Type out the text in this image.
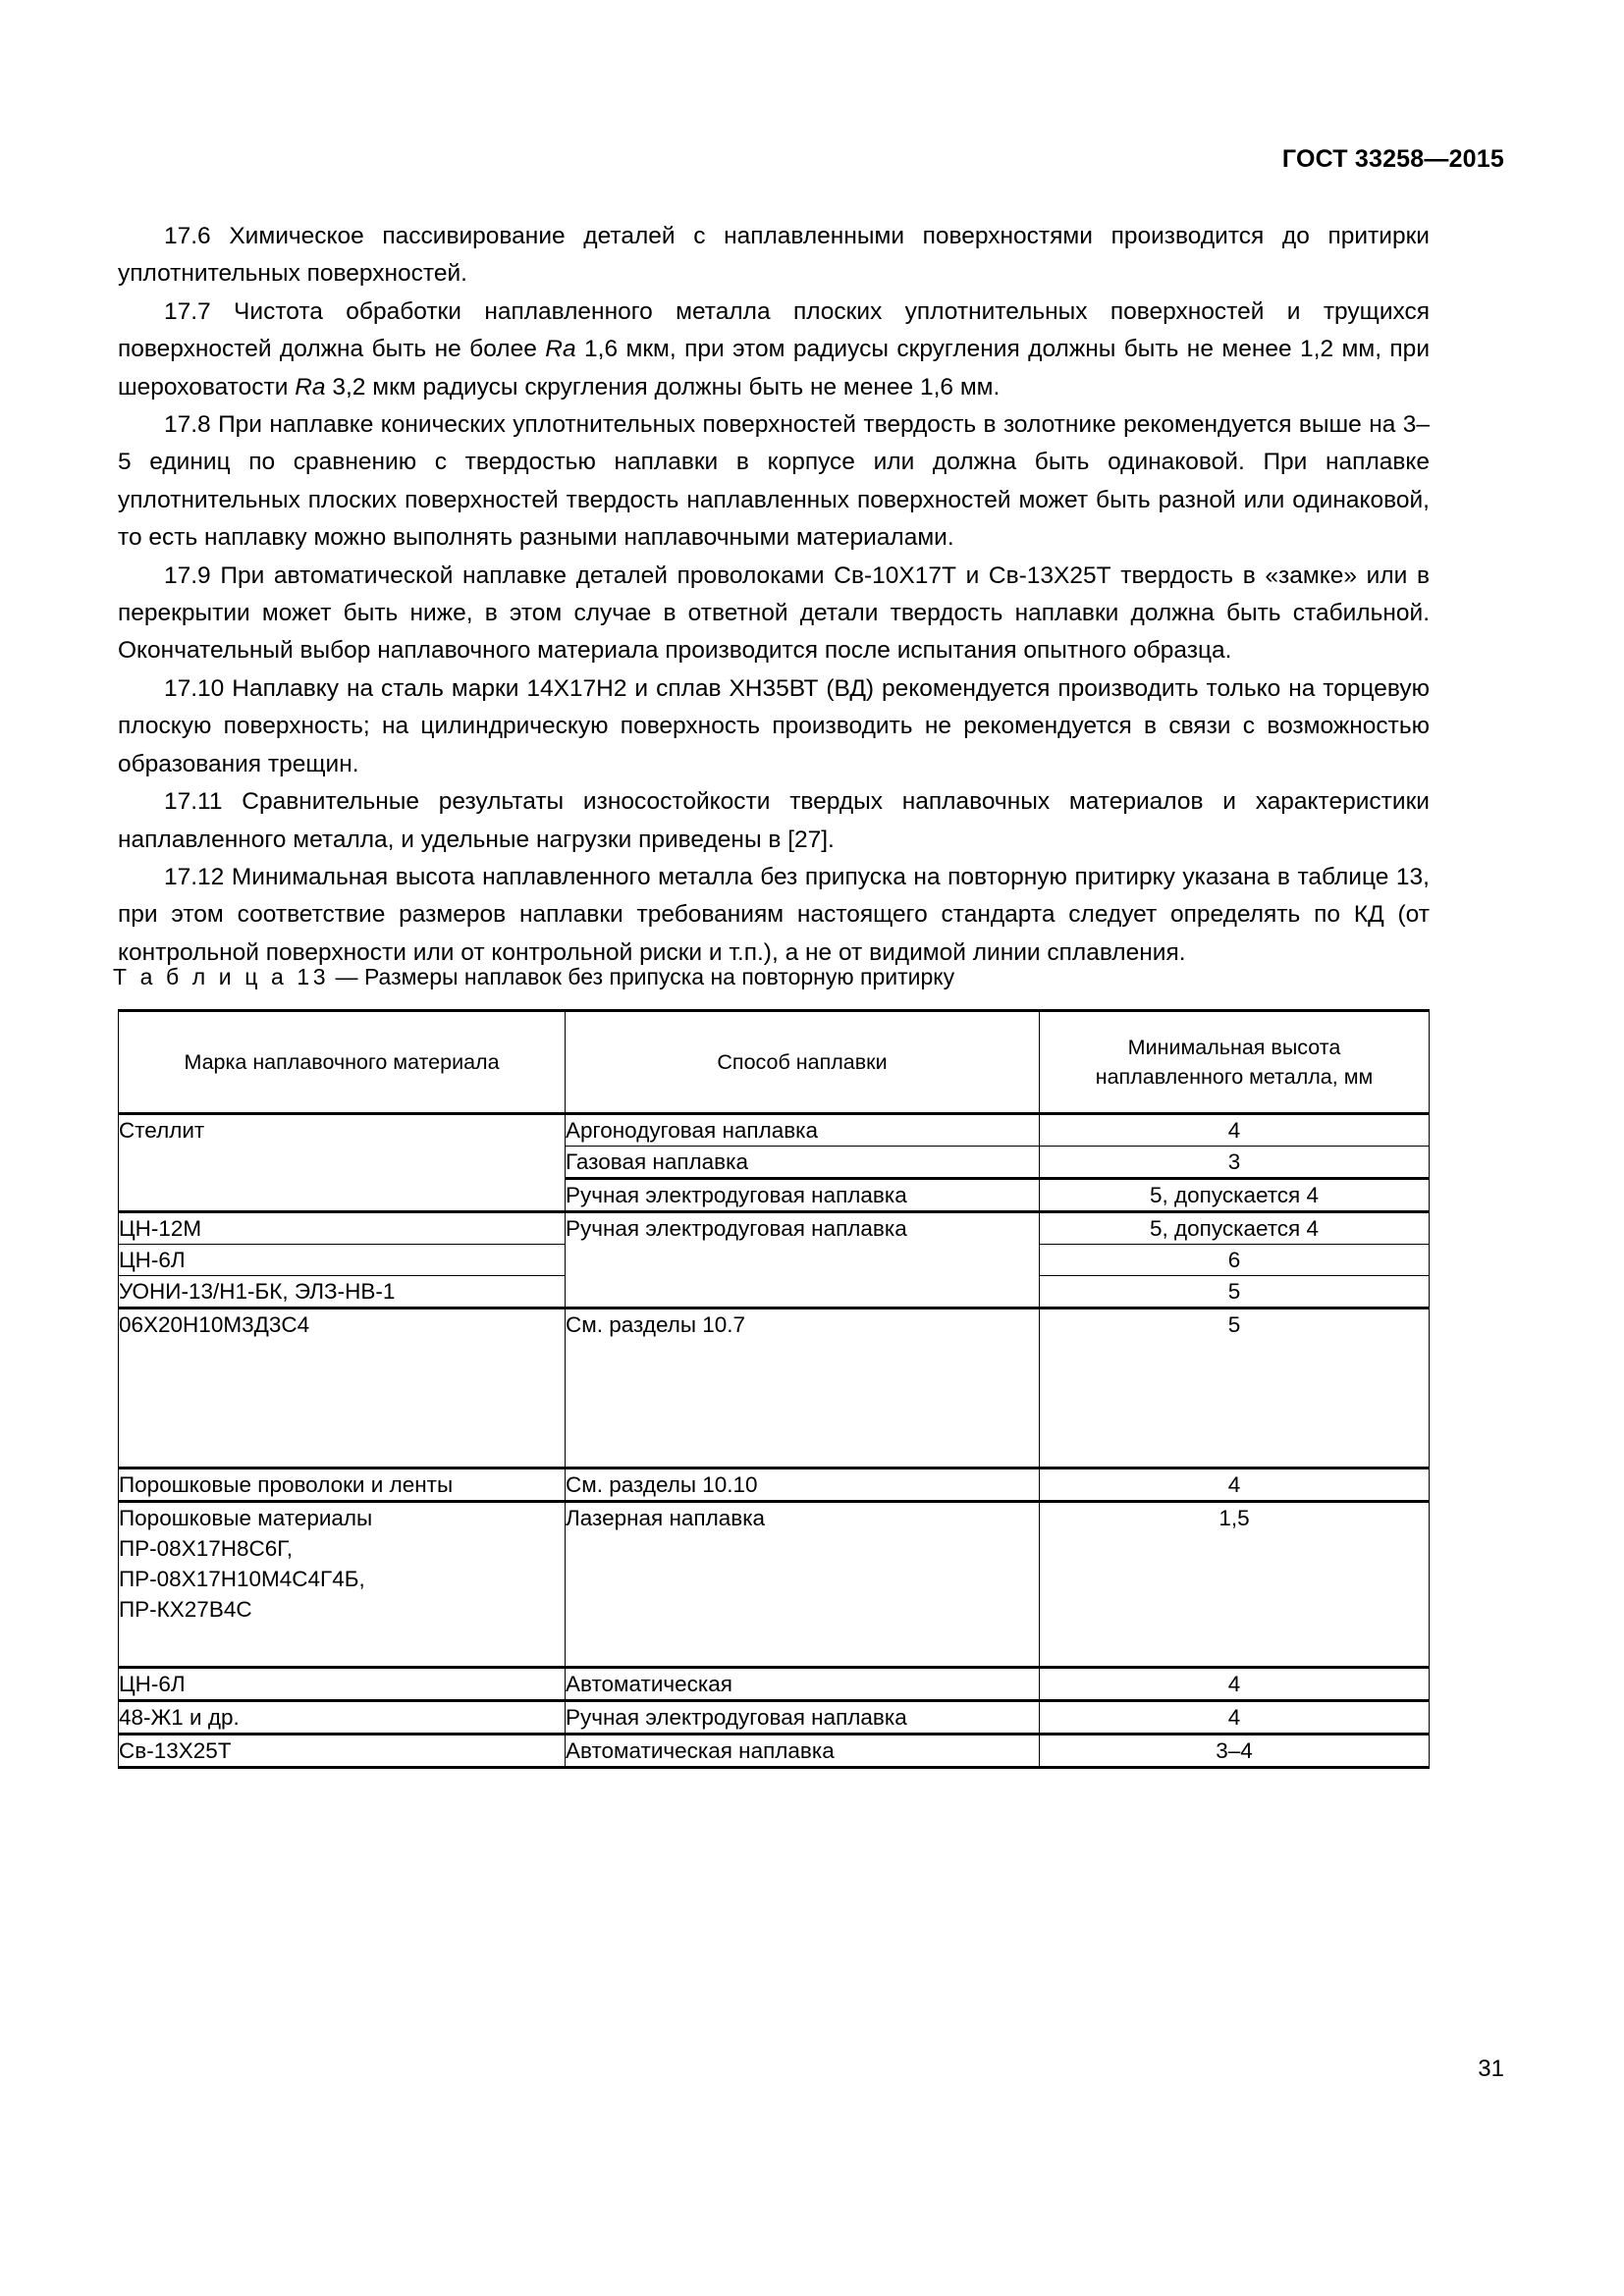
ГОСТ 33258—2015

17.6 Химическое пассивирование деталей с наплавленными поверхностями производится до притирки уплотнительных поверхностей.

17.7 Чистота обработки наплавленного металла плоских уплотнительных поверхностей и трущихся поверхностей должна быть не более Ra 1,6 мкм, при этом радиусы скругления должны быть не менее 1,2 мм, при шероховатости Ra 3,2 мкм радиусы скругления должны быть не менее 1,6 мм.

17.8 При наплавке конических уплотнительных поверхностей твердость в золотнике рекомендуется выше на 3–5 единиц по сравнению с твердостью наплавки в корпусе или должна быть одинаковой. При наплавке уплотнительных плоских поверхностей твердость наплавленных поверхностей может быть разной или одинаковой, то есть наплавку можно выполнять разными наплавочными материалами.

17.9 При автоматической наплавке деталей проволоками Св-10Х17Т и Св-13Х25Т твердость в «замке» или в перекрытии может быть ниже, в этом случае в ответной детали твердость наплавки должна быть стабильной. Окончательный выбор наплавочного материала производится после испытания опытного образца.

17.10 Наплавку на сталь марки 14Х17Н2 и сплав ХН35ВТ (ВД) рекомендуется производить только на торцевую плоскую поверхность; на цилиндрическую поверхность производить не рекомендуется в связи с возможностью образования трещин.

17.11 Сравнительные результаты износостойкости твердых наплавочных материалов и характеристики наплавленного металла, и удельные нагрузки приведены в [27].

17.12 Минимальная высота наплавленного металла без припуска на повторную притирку указана в таблице 13, при этом соответствие размеров наплавки требованиям настоящего стандарта следует определять по КД (от контрольной поверхности или от контрольной риски и т.п.), а не от видимой линии сплавления.

Т а б л и ц а 13 — Размеры наплавок без припуска на повторную притирку
Марка наплавочного материала	Способ наплавки	Минимальная высота
наплавленного металла, мм
Стеллит	Аргонодуговая наплавка	4
	Газовая наплавка	3
	Ручная электродуговая наплавка	5, допускается 4
ЦН-12М	Ручная электродуговая наплавка	5, допускается 4
ЦН-6Л		6
УОНИ-13/Н1-БК, ЭЛЗ-НВ-1		5
06Х20Н10М3Д3С4	См. разделы 10.7	5
Порошковые проволоки и ленты	См. разделы 10.10	4

Порошковые материалы
ПР-08Х17Н8С6Г,
ПР-08Х17Н10М4С4Г4Б,
ПР-КХ27В4С	Лазерная наплавка	1,5
ЦН-6Л	Автоматическая	4
48-Ж1 и др.	Ручная электродуговая наплавка	4
Св-13Х25Т	Автоматическая наплавка	3–4
31
